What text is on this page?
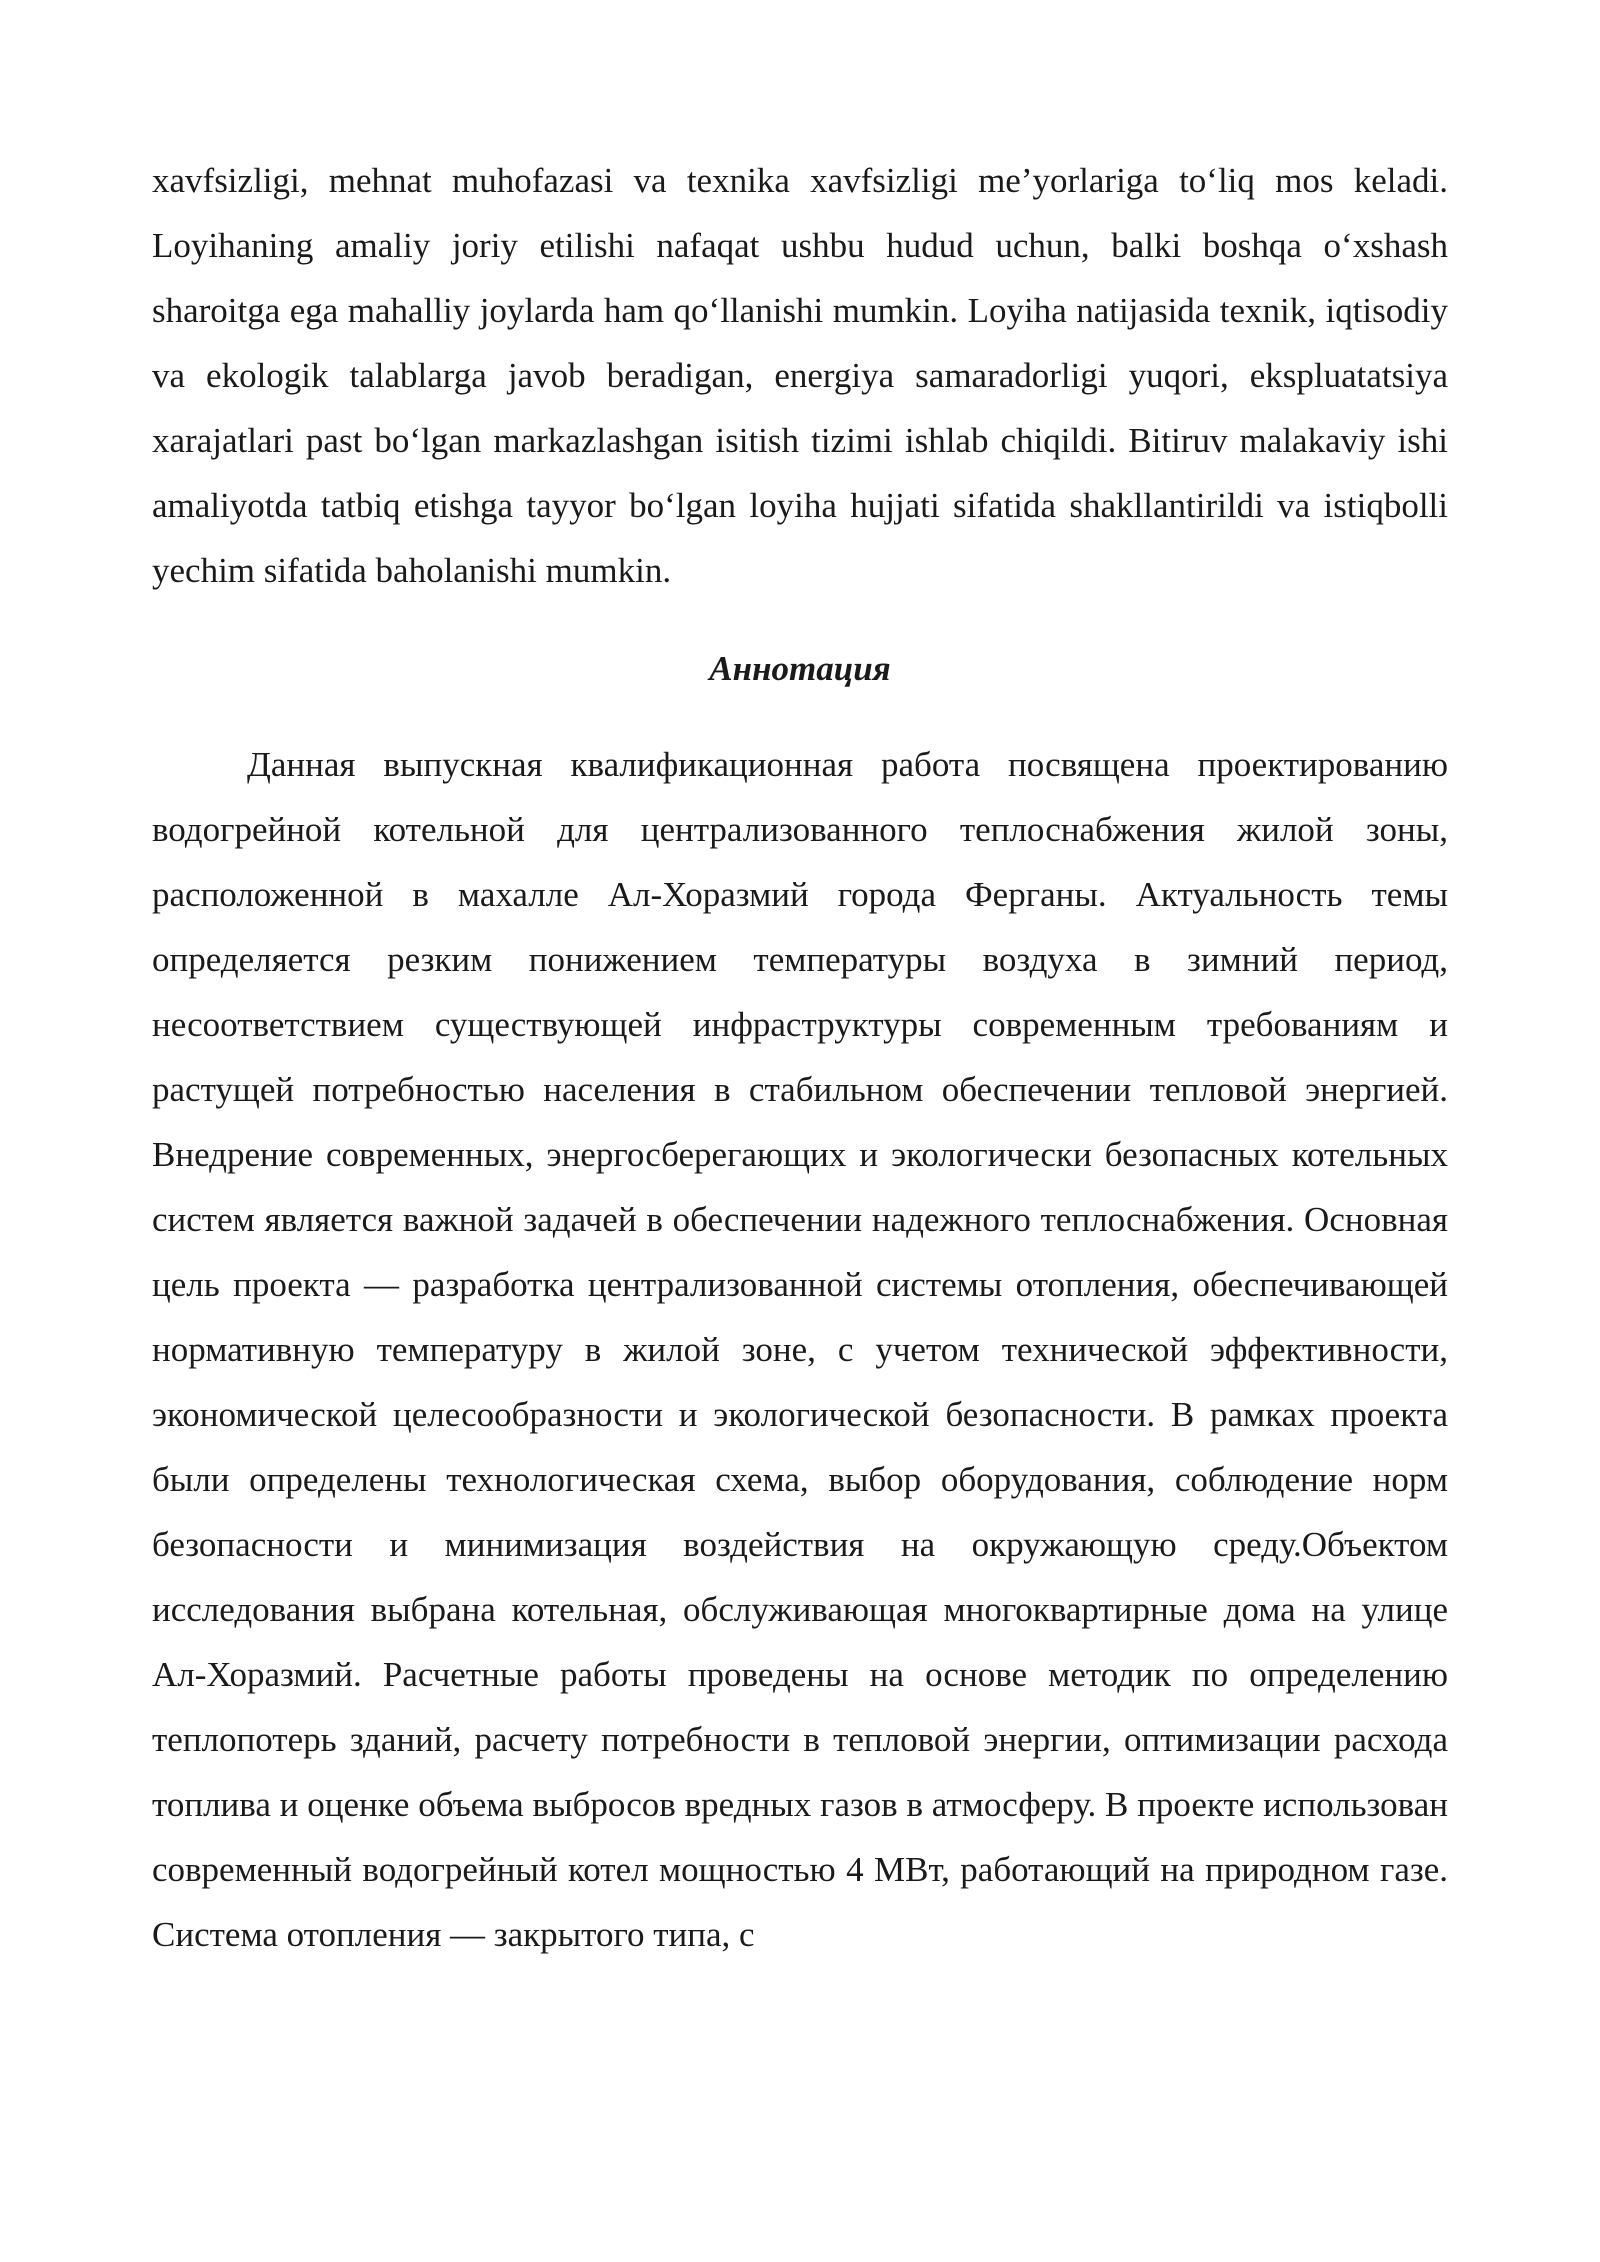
xavfsizligi, mehnat muhofazasi va texnika xavfsizligi me’yorlariga to‘liq mos keladi. Loyihaning amaliy joriy etilishi nafaqat ushbu hudud uchun, balki boshqa o‘xshash sharoitga ega mahalliy joylarda ham qo‘llanishi mumkin. Loyiha natijasida texnik, iqtisodiy va ekologik talablarga javob beradigan, energiya samaradorligi yuqori, ekspluatatsiya xarajatlari past bo‘lgan markazlashgan isitish tizimi ishlab chiqildi. Bitiruv malakaviy ishi amaliyotda tatbiq etishga tayyor bo‘lgan loyiha hujjati sifatida shakllantirildi va istiqbolli yechim sifatida baholanishi mumkin.

Аннотация

Данная выпускная квалификационная работа посвящена проектированию водогрейной котельной для централизованного теплоснабжения жилой зоны, расположенной в махалле Ал-Хоразмий города Ферганы. Актуальность темы определяется резким понижением температуры воздуха в зимний период, несоответствием существующей инфраструктуры современным требованиям и растущей потребностью населения в стабильном обеспечении тепловой энергией. Внедрение современных, энергосберегающих и экологически безопасных котельных систем является важной задачей в обеспечении надежного теплоснабжения. Основная цель проекта — разработка централизованной системы отопления, обеспечивающей нормативную температуру в жилой зоне, с учетом технической эффективности, экономической целесообразности и экологической безопасности. В рамках проекта были определены технологическая схема, выбор оборудования, соблюдение норм безопасности и минимизация воздействия на окружающую среду.Объектом исследования выбрана котельная, обслуживающая многоквартирные дома на улице Ал-Хоразмий. Расчетные работы проведены на основе методик по определению теплопотерь зданий, расчету потребности в тепловой энергии, оптимизации расхода топлива и оценке объема выбросов вредных газов в атмосферу. В проекте использован современный водогрейный котел мощностью 4 МВт, работающий на природном газе. Система отопления — закрытого типа, с
